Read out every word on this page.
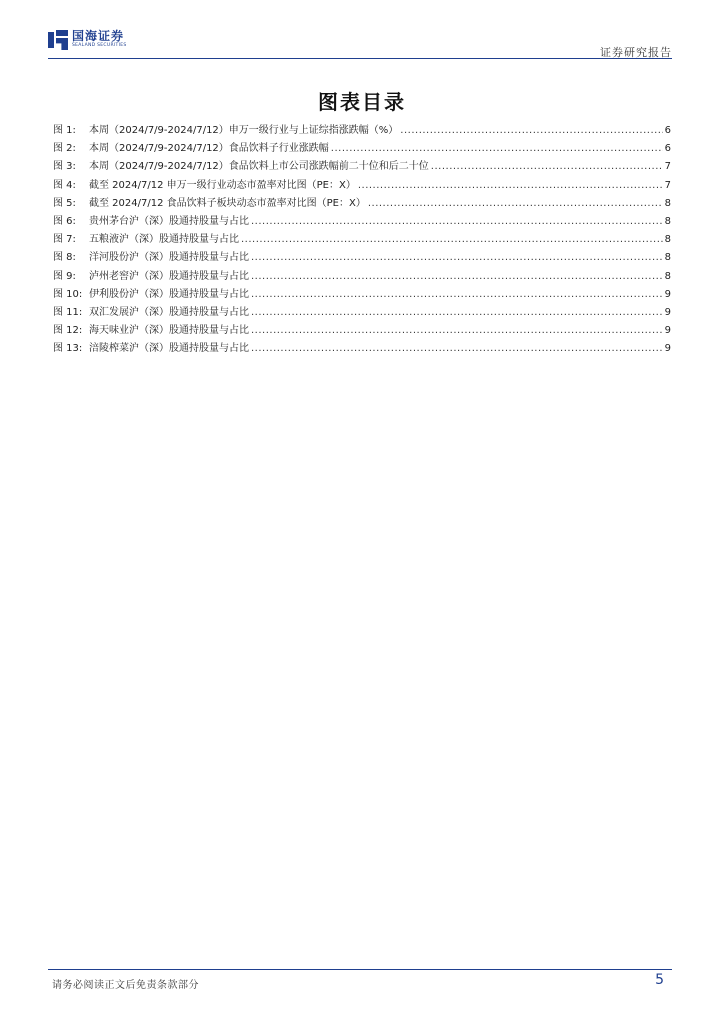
国海证券
SEALAND SECURITIES
证券研究报告
图表目录
图 1:	本周（2024/7/9-2024/7/12）申万一级行业与上证综指涨跌幅（%） .....	6
图 2:	本周（2024/7/9-2024/7/12）食品饮料子行业涨跌幅 .....	6
图 3:	本周（2024/7/9-2024/7/12）食品饮料上市公司涨跌幅前二十位和后二十位 .....	7
图 4:	截至 2024/7/12 申万一级行业动态市盈率对比图（PE：X） .....	7
图 5:	截至 2024/7/12 食品饮料子板块动态市盈率对比图（PE：X） .....	8
图 6:	贵州茅台沪（深）股通持股量与占比 .....	8
图 7:	五粮液沪（深）股通持股量与占比 .....	8
图 8:	洋河股份沪（深）股通持股量与占比 .....	8
图 9:	泸州老窖沪（深）股通持股量与占比 .....	8
图 10: 伊利股份沪（深）股通持股量与占比 .....	9
图 11: 双汇发展沪（深）股通持股量与占比 .....	9
图 12: 海天味业沪（深）股通持股量与占比 .....	9
图 13: 涪陵榨菜沪（深）股通持股量与占比 .....	9
请务必阅读正文后免责条款部分	5
